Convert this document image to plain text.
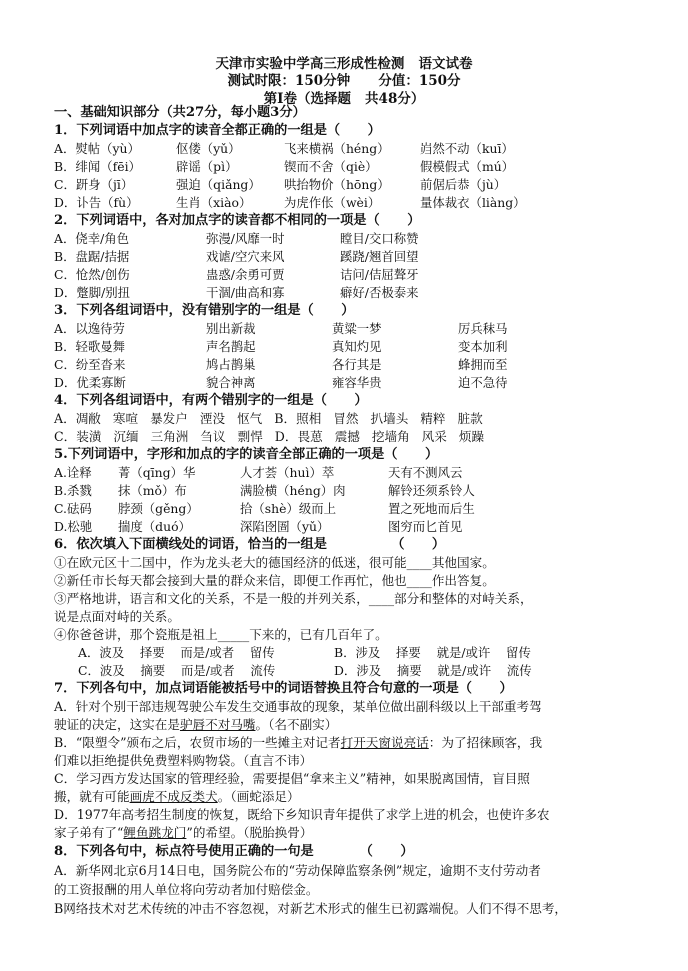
天津市实验中学高三形成性检测   语文试卷
测试时限：150分钟      分值：150分
第Ⅰ卷（选择题   共48分）
一、基础知识部分（共27分，每小题3分）
1．下列词语中加点字的读音全都正确的一组是（      ）
A．熨帖（yù）	伛偻（yǔ）	飞来横祸（héng） 岿然不动（kuī）
B．绯闻（fēi）	辟谣（pì）	锲而不舍（qiè）	假模假式（mú）
C．趼身（jī）	强迫（qiǎng） 哄抬物价（hōng） 前倨后恭（jù）
D．讣告（fù）	生肖（xiào）	为虎作伥（wèi）	量体裁衣（liàng）
2．下列词语中，各对加点字的读音都不相同的一项是（      ）
A．侥幸/角色	弥漫/风靡一时	瞠目/交口称赞
B．盘踞/拮据	戏谑/空穴来风	蹊跷/翘首回望
C．怆然/创伤	蛊惑/余勇可贾	诘问/佶屈聱牙
D．蹩脚/别扭	干涸/曲高和寡	癖好/否极泰来
3．下列各组词语中，没有错别字的一组是（      ）
A．以逸待劳	别出新裁	黄粱一梦	厉兵秣马
B．轻歌曼舞	声名鹊起	真知灼见	变本加利
C．纷至沓来	鸠占鹊巢	各行其是	蜂拥而至
D．优柔寡断	貌合神离	雍容华贵	迫不急待
4．下列各组词语中，有两个错别字的一组是（      ）
A．凋敝   寒喧   暴发户   湮没   怄气   B．照相   冒然   扒墙头   精粹   脏款
C．装潢   沉缅   三角洲   刍议   剽悍   D．畏葸   震撼   挖墙角   风采   烦躁
5.下列词语中，字形和加点的字的读音全部正确的一项是（      ）
A.诠释 菁（qīng）华	人才荟（huì）萃	天有不测风云
B.杀戮 抹（mǒ）布	满脸横（héng）肉	解铃还须系铃人
C.砝码 脖颈（gěng）	拾（shè）级而上	置之死地而后生
D.松驰 揣度（duó）	深陷囹圄（yǔ）	图穷而匕首见
6．依次填入下面横线处的词语，恰当的一组是              （      ）
①在欧元区十二国中，作为龙头老大的德国经济的低迷，很可能____其他国家。
②新任市长每天都会接到大量的群众来信，即便工作再忙，他也____作出答复。
③严格地讲，语言和文化的关系，不是一般的并列关系，____部分和整体的对峙关系，
说是点面对峙的关系。
④你爸爸讲，那个瓷瓶是祖上_____下来的，已有几百年了。
A．波及    择要    而是/或者    留传	B．涉及    择要    就是/或许    留传
C．波及    摘要    而是/或者    流传	D．涉及    摘要    就是/或许    流传
7．下列各句中，加点词语能被括号中的词语替换且符合句意的一项是（      ）
A．针对个别干部违规驾驶公车发生交通事故的现象，某单位做出副科级以上干部重考驾
驶证的决定，这实在是驴唇不对马嘴。（名不副实）
B．“限塑令”颁布之后，农贸市场的一些摊主对记者打开天窗说亮话：为了招徕顾客，我
们难以拒绝提供免费塑料购物袋。（直言不讳）
C．学习西方发达国家的管理经验，需要提倡“拿来主义”精神，如果脱离国情，盲目照
搬，就有可能画虎不成反类犬。（画蛇添足）
D．1977年高考招生制度的恢复，既给下乡知识青年提供了求学上进的机会，也使许多农
家子弟有了“鲤鱼跳龙门”的希望。（脱胎换骨）
8．下列各句中，标点符号使用正确的一句是          （      ）
A．新华网北京6月14日电，国务院公布的“劳动保障监察条例”规定，逾期不支付劳动者
的工资报酬的用人单位将向劳动者加付赔偿金。
B网络技术对艺术传统的冲击不容忽视，对新艺术形式的催生已初露端倪。人们不得不思考，
